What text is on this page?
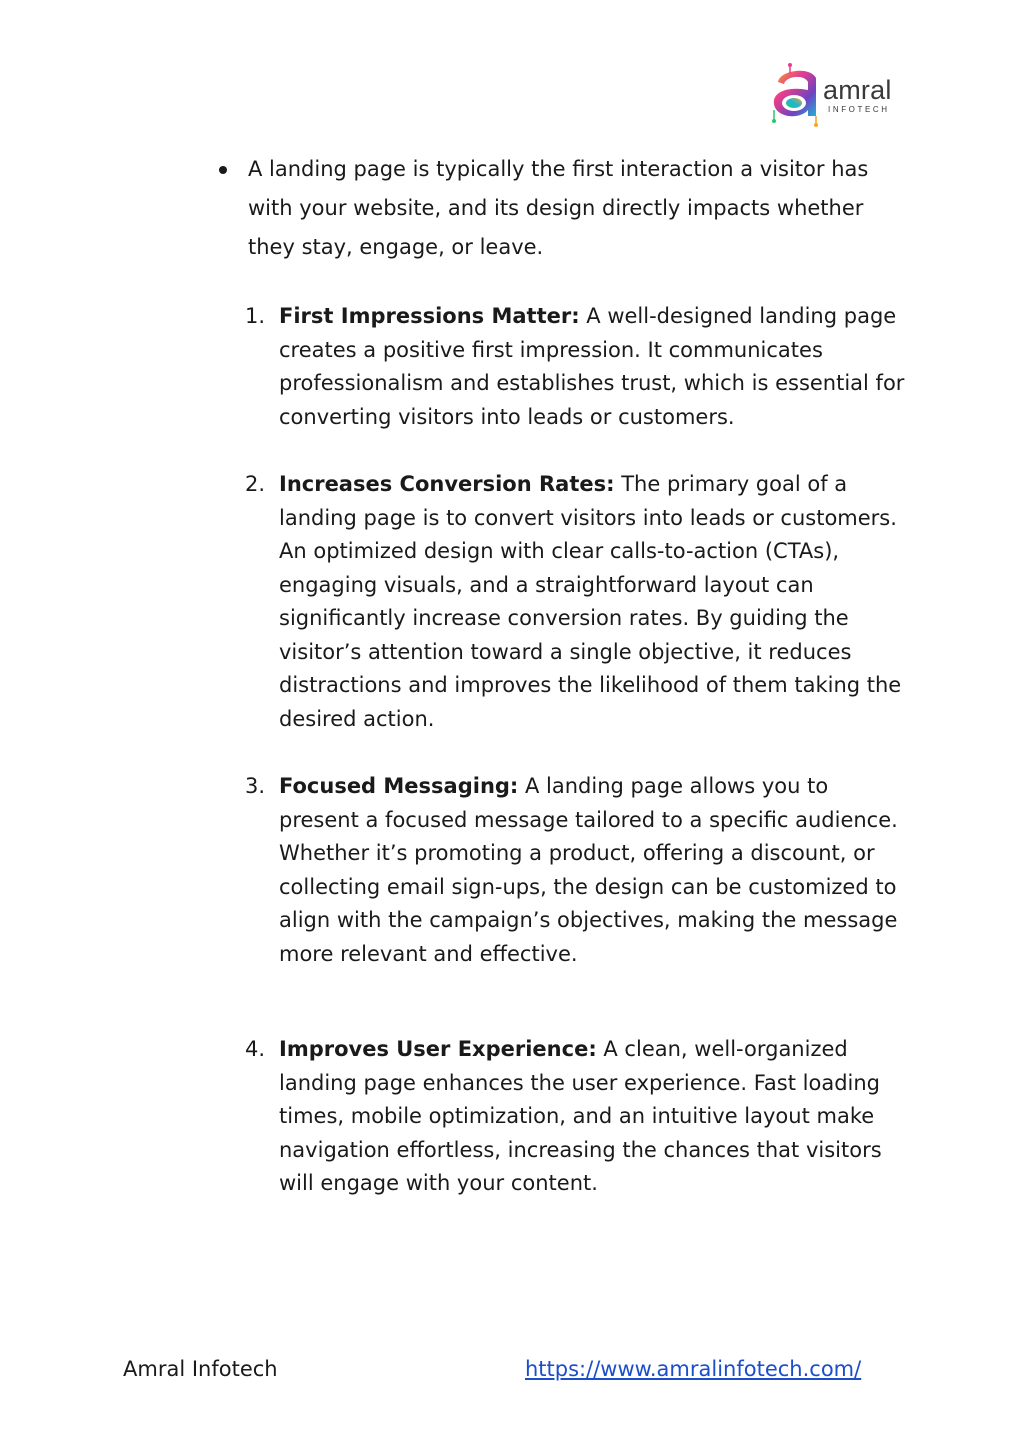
amral
INFOTECH
A landing page is typically the first interaction a visitor has with your website, and its design directly impacts whether they stay, engage, or leave.
1. First Impressions Matter: A well-designed landing page creates a positive first impression. It communicates professionalism and establishes trust, which is essential for converting visitors into leads or customers.
2. Increases Conversion Rates: The primary goal of a landing page is to convert visitors into leads or customers. An optimized design with clear calls-to-action (CTAs), engaging visuals, and a straightforward layout can significantly increase conversion rates. By guiding the visitor’s attention toward a single objective, it reduces distractions and improves the likelihood of them taking the desired action.
3. Focused Messaging: A landing page allows you to present a focused message tailored to a specific audience. Whether it’s promoting a product, offering a discount, or collecting email sign-ups, the design can be customized to align with the campaign’s objectives, making the message more relevant and effective.
4. Improves User Experience: A clean, well-organized landing page enhances the user experience. Fast loading times, mobile optimization, and an intuitive layout make navigation effortless, increasing the chances that visitors will engage with your content.
Amral Infotech	https://www.amralinfotech.com/
